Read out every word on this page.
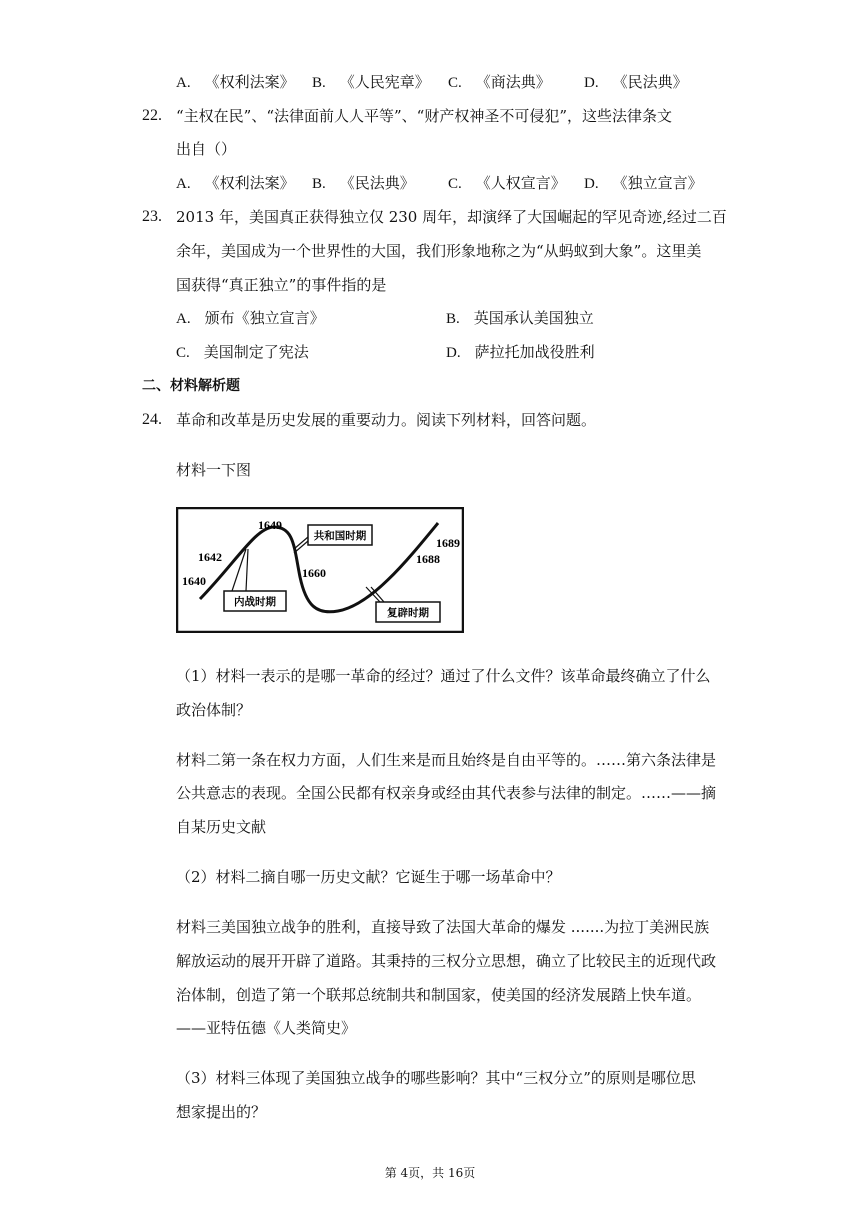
A. 《权利法案》 B. 《人民宪章》 C. 《商法典》 D. 《民法典》
22. “主权在民”、“法律面前人人平等”、“财产权神圣不可侵犯”，这些法律条文
出自（）
A. 《权利法案》 B. 《民法典》 C. 《人权宣言》 D. 《独立宣言》
23. 2013 年，美国真正获得独立仅 230 周年，却演绎了大国崛起的罕见奇迹,经过二百
余年，美国成为一个世界性的大国，我们形象地称之为“从蚂蚁到大象”。这里美
国获得“真正独立”的事件指的是
A. 颁布《独立宣言》	B. 英国承认美国独立
C. 美国制定了宪法	D. 萨拉托加战役胜利
二、材料解析题
24. 革命和改革是历史发展的重要动力。阅读下列材料，回答问题。
材料一下图
共和国时期
内战时期
复辟时期
1640
1642
1649
1660
1688
1689
（1）材料一表示的是哪一革命的经过？通过了什么文件？该革命最终确立了什么
政治体制？
材料二第一条在权力方面，人们生来是而且始终是自由平等的。……第六条法律是
公共意志的表现。全国公民都有权亲身或经由其代表参与法律的制定。……——摘
自某历史文献
（2）材料二摘自哪一历史文献？它诞生于哪一场革命中？
材料三美国独立战争的胜利，直接导致了法国大革命的爆发 .......为拉丁美洲民族
解放运动的展开开辟了道路。其秉持的三权分立思想，确立了比较民主的近现代政
治体制，创造了第一个联邦总统制共和制国家，使美国的经济发展踏上快车道。
——亚特伍德《人类简史》
（3）材料三体现了美国独立战争的哪些影响？其中“三权分立”的原则是哪位思
想家提出的？
第 4页，共 16页
